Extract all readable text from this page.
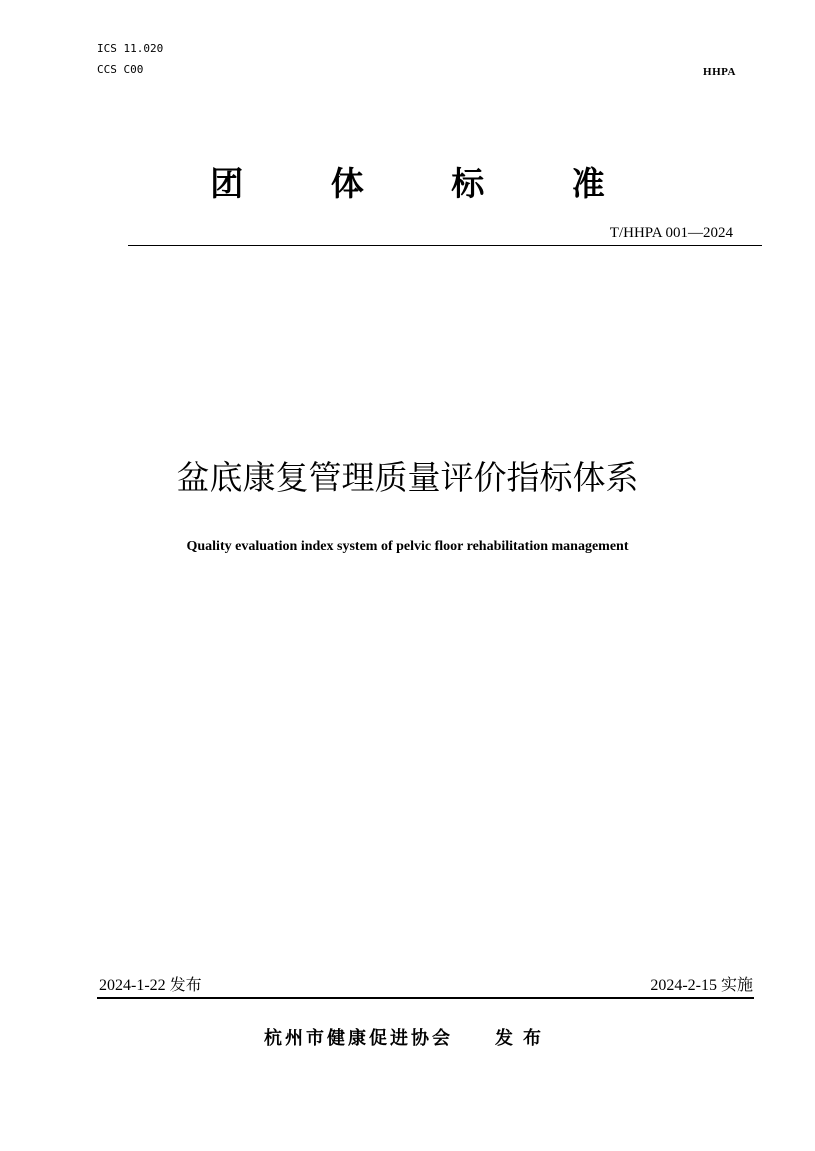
ICS 11.020
CCS C00	HHPA
团 体 标 准
T/HHPA 001—2024
盆底康复管理质量评价指标体系
Quality evaluation index system of pelvic floor rehabilitation management
2024-1-22 发布	2024-2-15 实施
杭州市健康促进协会 发布
